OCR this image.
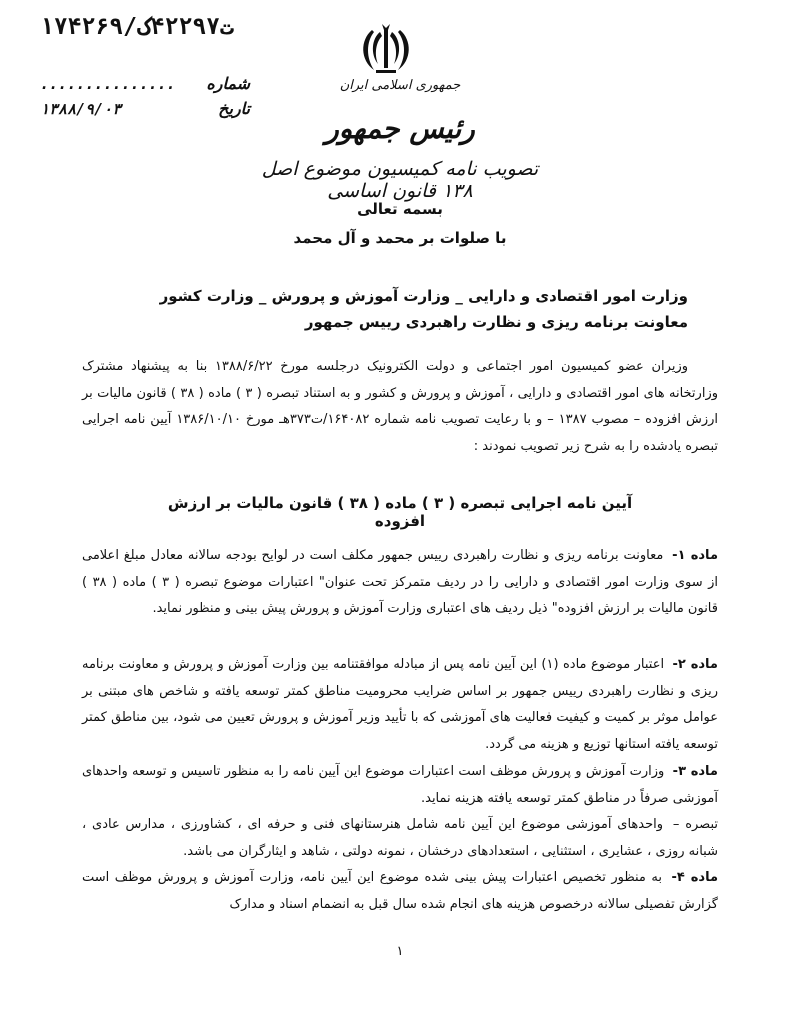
۱۷۴۲۶۹/ت۴۲۲۹۷ک
............... شماره
۱۳۸۸/۹/۰۳	تاریخ
جمهوری اسلامی ایران
رئیس جمهور
تصویب نامه کمیسیون موضوع اصل ۱۳۸ قانون اساسی
بسمه تعالی
با صلوات بر محمد و آل محمد
وزارت امور اقتصادی و دارایی _ وزارت آموزش و پرورش _ وزارت کشور
معاونت برنامه ریزی و نظارت راهبردی رییس جمهور
وزیران عضو کمیسیون امور اجتماعی و دولت الکترونیک درجلسه مورخ ۱۳۸۸/۶/۲۲ بنا به پیشنهاد مشترک وزارتخانه های امور اقتصادی و دارایی ، آموزش و پرورش و کشور و به استناد تبصره ( ۳ ) ماده ( ۳۸ ) قانون مالیات بر ارزش افزوده – مصوب ۱۳۸۷ – و با رعایت تصویب نامه شماره ۱۶۴۰۸۲/ت۳۷۳هـ مورخ ۱۳۸۶/۱۰/۱۰ آیین نامه اجرایی تبصره یادشده را به شرح زیر تصویب نمودند :
آیین نامه اجرایی تبصره ( ۳ ) ماده ( ۳۸ ) قانون مالیات بر ارزش افزوده
ماده ۱- معاونت برنامه ریزی و نظارت راهبردی رییس جمهور مکلف است در لوایح بودجه سالانه معادل مبلغ اعلامی از سوی وزارت امور اقتصادی و دارایی را در ردیف متمرکز تحت عنوان" اعتبارات موضوع تبصره ( ۳ ) ماده ( ۳۸ ) قانون مالیات بر ارزش افزوده" ذیل ردیف های اعتباری وزارت آموزش و پرورش پیش بینی و منظور نماید.
ماده ۲- اعتبار موضوع ماده (۱) این آیین نامه پس از مبادله موافقتنامه بین وزارت آموزش و پرورش و معاونت برنامه ریزی و نظارت راهبردی رییس جمهور بر اساس ضرایب محرومیت مناطق کمتر توسعه یافته و شاخص های مبتنی بر عوامل موثر بر کمیت و کیفیت فعالیت های آموزشی که با تأیید وزیر آموزش و پرورش تعیین می شود، بین مناطق کمتر توسعه یافته استانها توزیع و هزینه می گردد.
ماده ۳- وزارت آموزش و پرورش موظف است اعتبارات موضوع این آیین نامه را به منظور تاسیس و توسعه واحدهای آموزشی صرفاً در مناطق کمتر توسعه یافته هزینه نماید.
تبصره – واحدهای آموزشی موضوع این آیین نامه شامل هنرستانهای فنی و حرفه ای ، کشاورزی ، مدارس عادی ، شبانه روزی ، عشایری ، استثنایی ، استعدادهای درخشان ، نمونه دولتی ، شاهد و ایثارگران می باشد.
ماده ۴- به منظور تخصیص اعتبارات پیش بینی شده موضوع این آیین نامه، وزارت آموزش و پرورش موظف است گزارش تفصیلی سالانه درخصوص هزینه های انجام شده سال قبل به انضمام اسناد و مدارک
۱
